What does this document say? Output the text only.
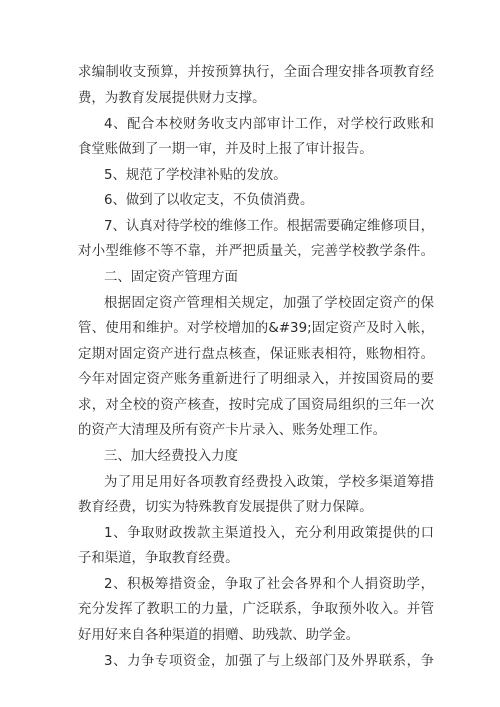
求编制收支预算，并按预算执行，全面合理安排各项教育经
费，为教育发展提供财力支撑。
4、配合本校财务收支内部审计工作，对学校行政账和
食堂账做到了一期一审，并及时上报了审计报告。
5、规范了学校津补贴的发放。
6、做到了以收定支，不负债消费。
7、认真对待学校的维修工作。根据需要确定维修项目，
对小型维修不等不靠，并严把质量关，完善学校教学条件。
二、固定资产管理方面
根据固定资产管理相关规定，加强了学校固定资产的保
管、使用和维护。对学校增加的&#39;固定资产及时入帐，
定期对固定资产进行盘点核查，保证账表相符，账物相符。
今年对固定资产账务重新进行了明细录入，并按国资局的要
求，对全校的资产核查，按时完成了国资局组织的三年一次
的资产大清理及所有资产卡片录入、账务处理工作。
三、加大经费投入力度
为了用足用好各项教育经费投入政策，学校多渠道筹措
教育经费，切实为特殊教育发展提供了财力保障。
1、争取财政拨款主渠道投入，充分利用政策提供的口
子和渠道，争取教育经费。
2、积极筹措资金，争取了社会各界和个人捐资助学，
充分发挥了教职工的力量，广泛联系，争取预外收入。并管
好用好来自各种渠道的捐赠、助残款、助学金。
3、力争专项资金，加强了与上级部门及外界联系，争
